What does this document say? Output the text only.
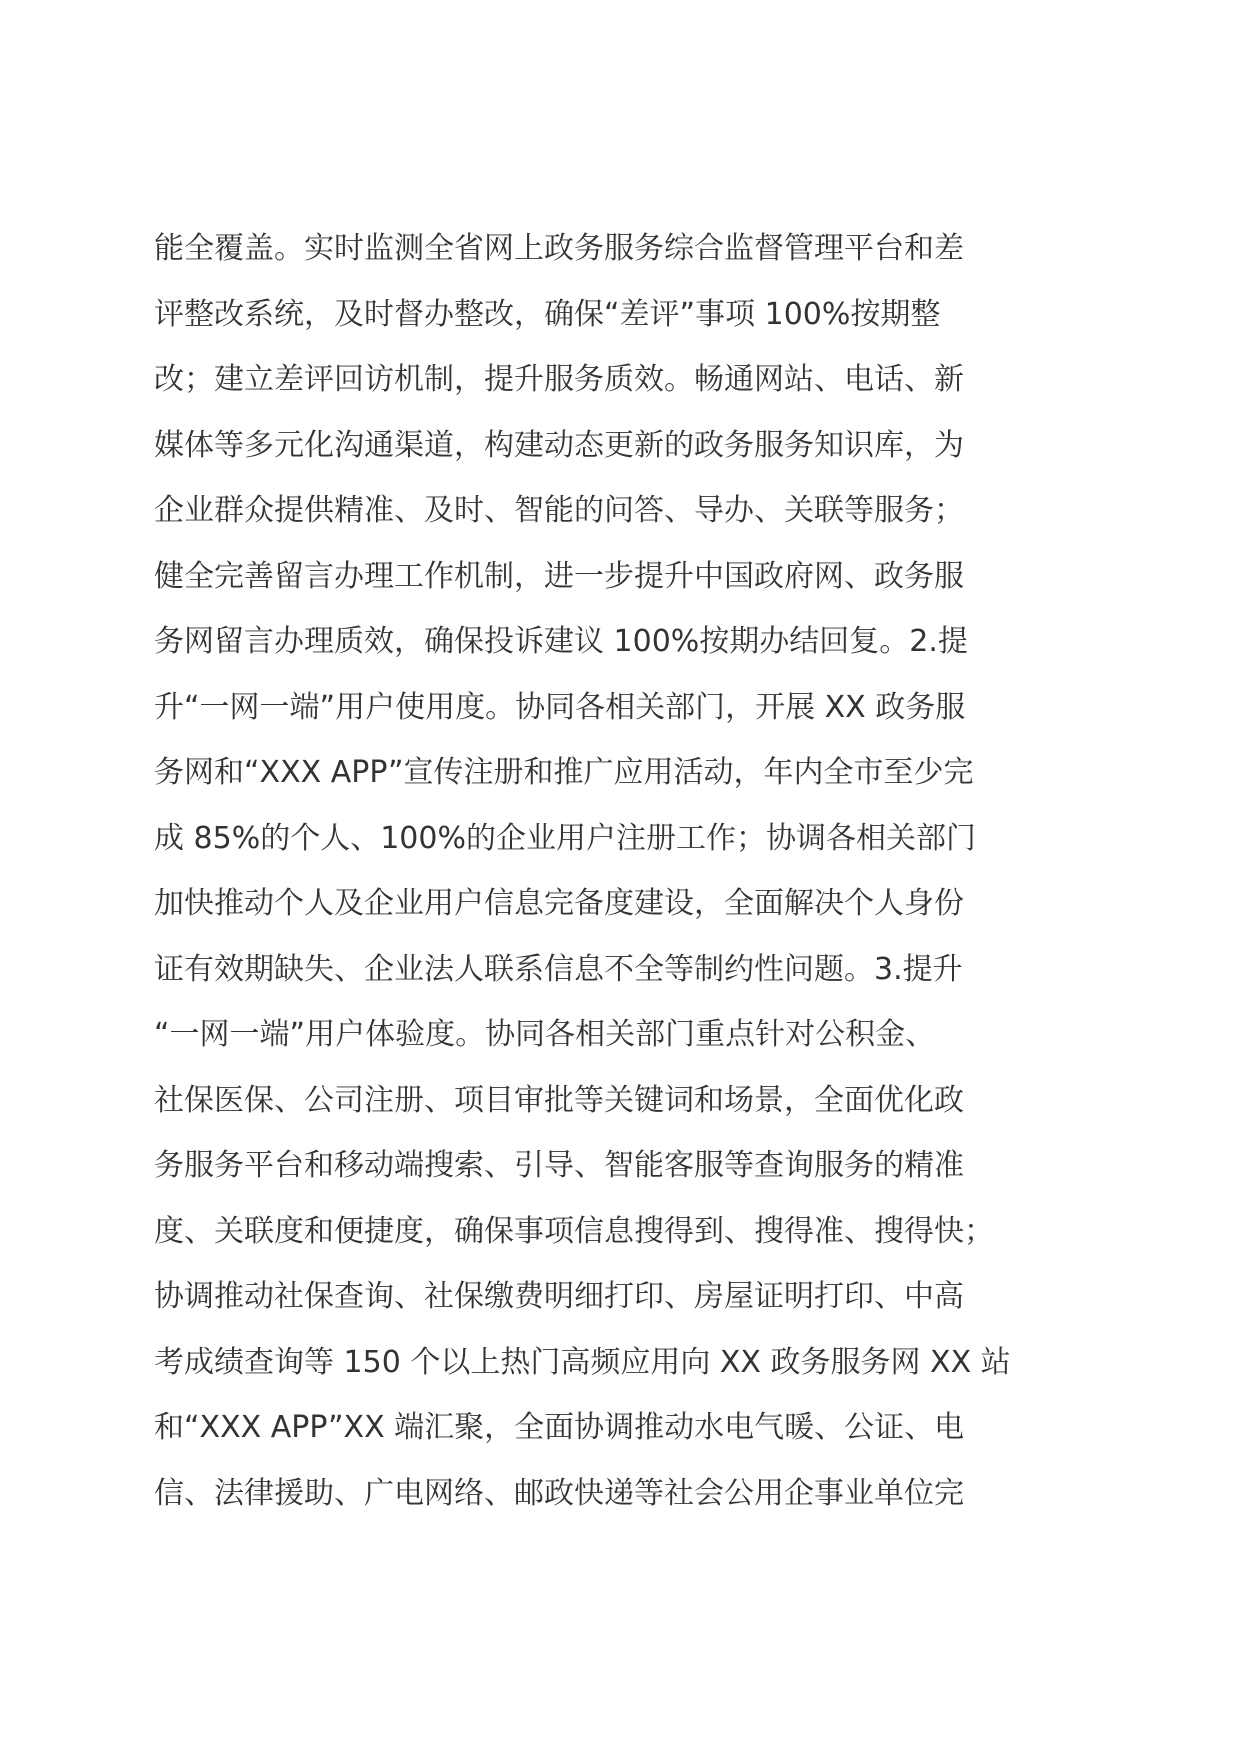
能全覆盖。实时监测全省网上政务服务综合监督管理平台和差
评整改系统，及时督办整改，确保“差评”事项 100%按期整
改；建立差评回访机制，提升服务质效。畅通网站、电话、新
媒体等多元化沟通渠道，构建动态更新的政务服务知识库，为
企业群众提供精准、及时、智能的问答、导办、关联等服务；
健全完善留言办理工作机制，进一步提升中国政府网、政务服
务网留言办理质效，确保投诉建议 100%按期办结回复。2.提
升“一网一端”用户使用度。协同各相关部门，开展 XX 政务服
务网和“XXX APP”宣传注册和推广应用活动，年内全市至少完
成 85%的个人、100%的企业用户注册工作；协调各相关部门
加快推动个人及企业用户信息完备度建设，全面解决个人身份
证有效期缺失、企业法人联系信息不全等制约性问题。3.提升
“一网一端”用户体验度。协同各相关部门重点针对公积金、
社保医保、公司注册、项目审批等关键词和场景，全面优化政
务服务平台和移动端搜索、引导、智能客服等查询服务的精准
度、关联度和便捷度，确保事项信息搜得到、搜得准、搜得快；
协调推动社保查询、社保缴费明细打印、房屋证明打印、中高
考成绩查询等 150 个以上热门高频应用向 XX 政务服务网 XX 站
和“XXX APP”XX 端汇聚，全面协调推动水电气暖、公证、电
信、法律援助、广电网络、邮政快递等社会公用企事业单位完
